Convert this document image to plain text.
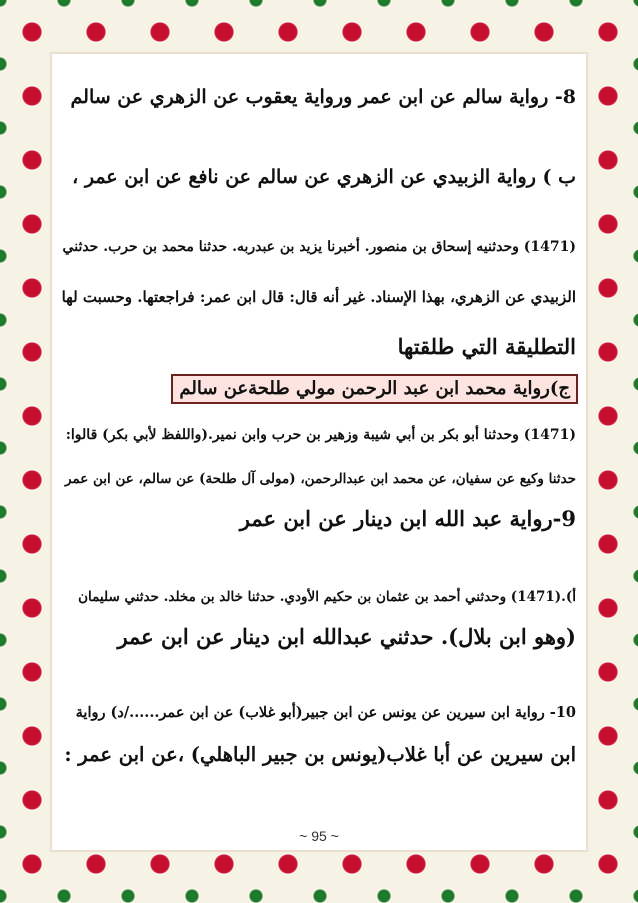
8- رواية سالم عن ابن عمر ورواية يعقوب عن الزهري عن سالم
ب ) رواية الزبيدي عن الزهري عن سالم عن نافع عن ابن عمر ،
(1471) وحدثنيه إسحاق بن منصور. أخبرنا يزيد بن عبدربه. حدثنا محمد بن حرب. حدثني
الزبيدي عن الزهري، بهذا الإسناد. غير أنه قال: قال ابن عمر: فراجعتها. وحسبت لها
التطليقة التي طلقتها
ج)رواية محمد ابن عبد الرحمن مولي طلحةعن سالم
(1471) وحدثنا أبو بكر بن أبي شيبة وزهير بن حرب وابن نمير.(واللفظ لأبي بكر) قالوا:
حدثنا وكيع عن سفيان، عن محمد ابن عبدالرحمن، (مولى آل طلحة) عن سالم، عن ابن عمر
9-رواية عبد الله ابن دينار عن ابن عمر
أ).(1471) وحدثني أحمد بن عثمان بن حكيم الأودي. حدثنا خالد بن مخلد. حدثني سليمان
(وهو ابن بلال). حدثني عبدالله ابن دينار عن ابن عمر
10- رواية ابن سيرين عن يونس عن ابن جبير(أبو غلاب) عن ابن عمر....../د) رواية
ابن سيرين عن أبا غلاب(يونس بن جبير الباهلي) ،عن ابن عمر :
~ 95 ~
